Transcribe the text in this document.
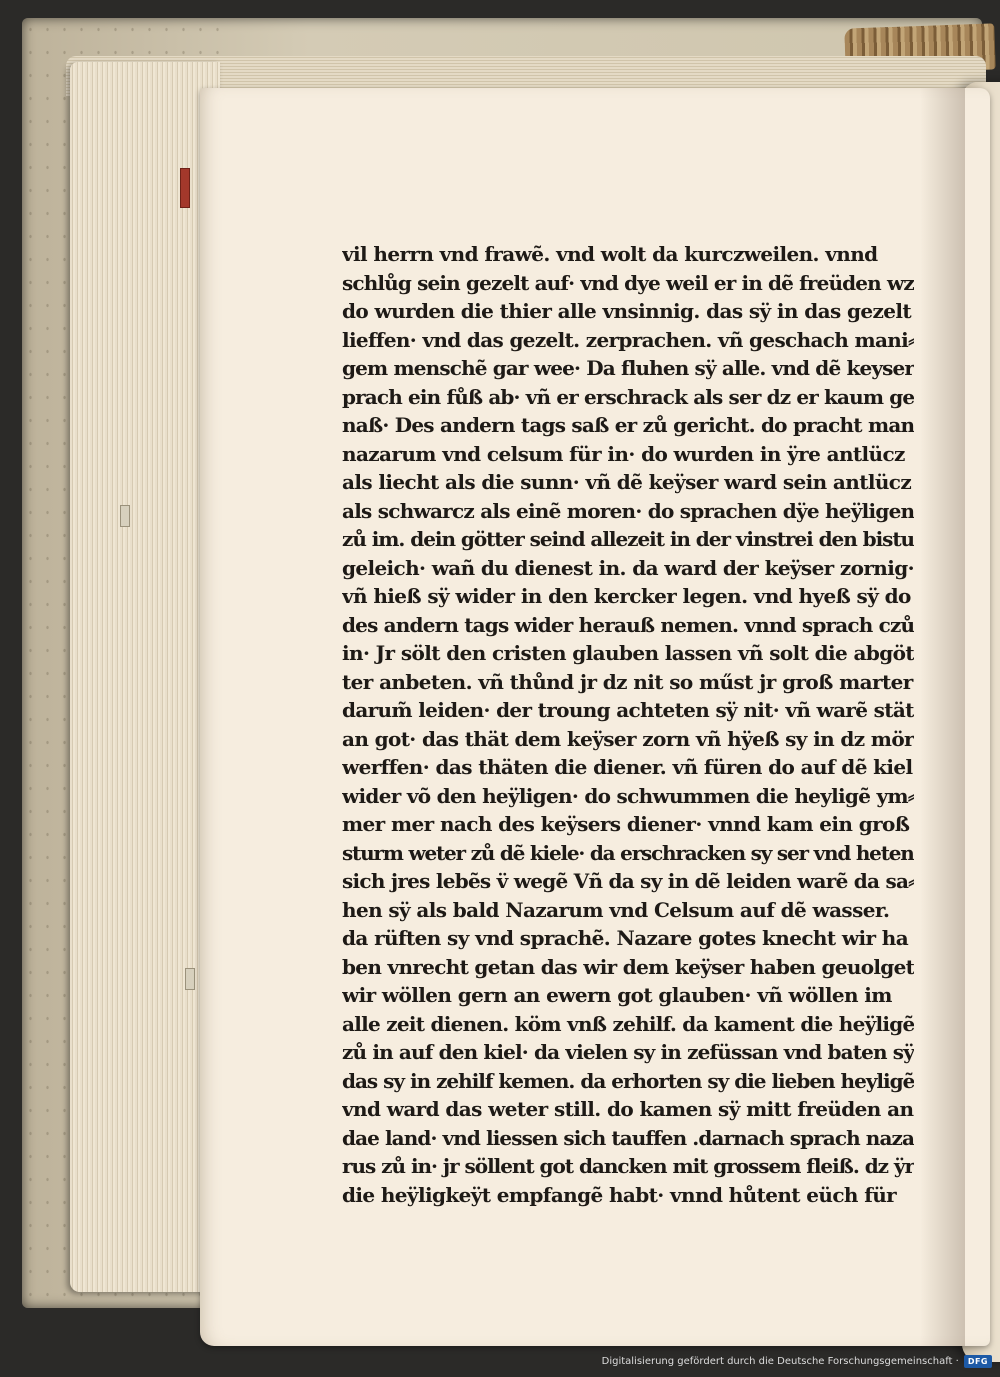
vil herrn vnd frawẽ. vnd wolt da kurczweilen. vnnd
schlůg sein gezelt auf· vnd dye weil er in dẽ freüden wz
do wurden die thier alle vnsinnig. das sÿ in das gezelt
lieffen· vnd das gezelt. zerprachen. vñ geschach mani⸗
gem menschẽ gar wee· Da fluhen sÿ alle. vnd dẽ keyser
prach ein fůß ab· vñ er erschrack als ser dz er kaum ge
naß· Des andern tags saß er zů gericht. do pracht man
nazarum vnd celsum für in· do wurden in ÿre antlücz
als liecht als die sunn· vñ dẽ keÿser ward sein antlücz
als schwarcz als einẽ moren· do sprachen dÿe heÿligen
zů im. dein götter seind allezeit in der vinstrei den bistu
geleich· wañ du dienest in. da ward der keÿser zornig·
vñ hieß sÿ wider in den kercker legen. vnd hyeß sÿ do
des andern tags wider herauß nemen. vnnd sprach czů
in· Jr sölt den cristen glauben lassen vñ solt die abgöt
ter anbeten. vñ thůnd jr dz nit so műst jr groß marter
darum̃ leiden· der troung achteten sÿ nit· vñ warẽ stät
an got· das thät dem keÿser zorn vñ hÿeß sy in dz mör
werffen· das thäten die diener. vñ füren do auf dẽ kiel
wider võ den heÿligen· do schwummen die heyligẽ ym⸗
mer mer nach des keÿsers diener· vnnd kam ein groß
sturm weter zů dẽ kiele· da erschracken sy ser vnd heten
sich jres lebẽs v̈ wegẽ Vñ da sy in dẽ leiden warẽ da sa⸗
hen sÿ als bald Nazarum vnd Celsum auf dẽ wasser.
da rüften sy vnd sprachẽ. Nazare gotes knecht wir ha
ben vnrecht getan das wir dem keÿser haben geuolget
wir wöllen gern an ewern got glauben· vñ wöllen im
alle zeit dienen. köm vnß zehilf. da kament die heÿligẽ
zů in auf den kiel· da vielen sy in zefüssan vnd baten sÿ
das sy in zehilf kemen. da erhorten sy die lieben heyligẽ
vnd ward das weter still. do kamen sÿ mitt freüden an
dae land· vnd liessen sich tauffen .darnach sprach naza
rus zů in· jr söllent got dancken mit grossem fleiß. dz ÿr
die heÿligkeÿt empfangẽ habt· vnnd hůtent eüch für
Digitalisierung gefördert durch die Deutsche Forschungsgemeinschaft ·	DFG
